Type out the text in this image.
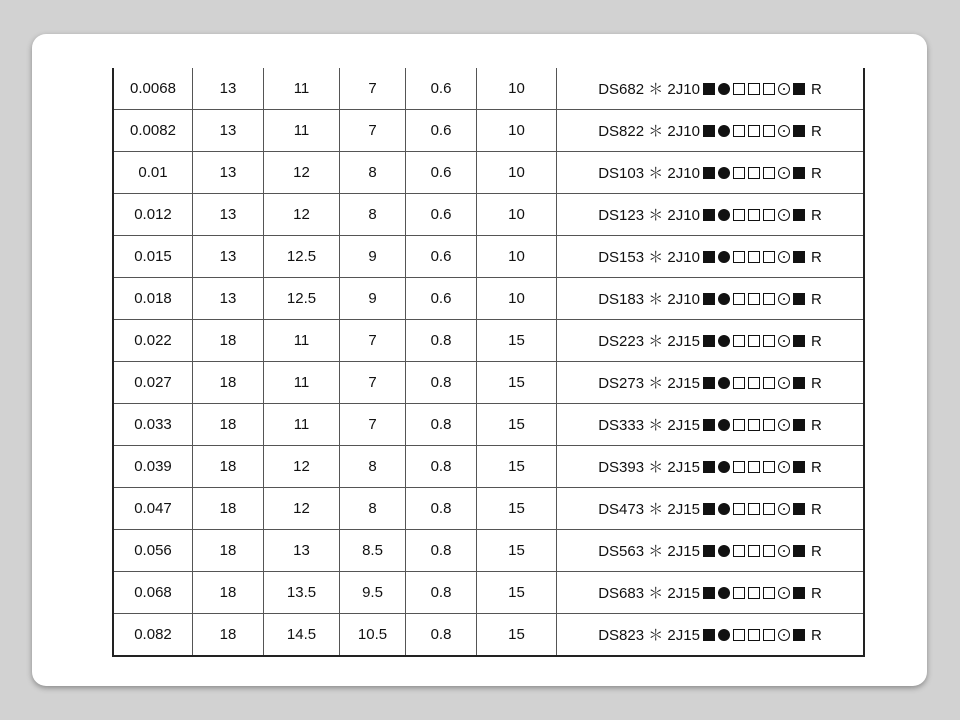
0.0068	13	11	7	0.6	10	DS682 ＊ 2J10 R
0.0082	13	11	7	0.6	10	DS822 ＊ 2J10 R
0.01	13	12	8	0.6	10	DS103 ＊ 2J10 R
0.012	13	12	8	0.6	10	DS123 ＊ 2J10 R
0.015	13	12.5	9	0.6	10	DS153 ＊ 2J10 R
0.018	13	12.5	9	0.6	10	DS183 ＊ 2J10 R
0.022	18	11	7	0.8	15	DS223 ＊ 2J15 R
0.027	18	11	7	0.8	15	DS273 ＊ 2J15 R
0.033	18	11	7	0.8	15	DS333 ＊ 2J15 R
0.039	18	12	8	0.8	15	DS393 ＊ 2J15 R
0.047	18	12	8	0.8	15	DS473 ＊ 2J15 R
0.056	18	13	8.5	0.8	15	DS563 ＊ 2J15 R
0.068	18	13.5	9.5	0.8	15	DS683 ＊ 2J15 R
0.082	18	14.5	10.5	0.8	15	DS823 ＊ 2J15 R
